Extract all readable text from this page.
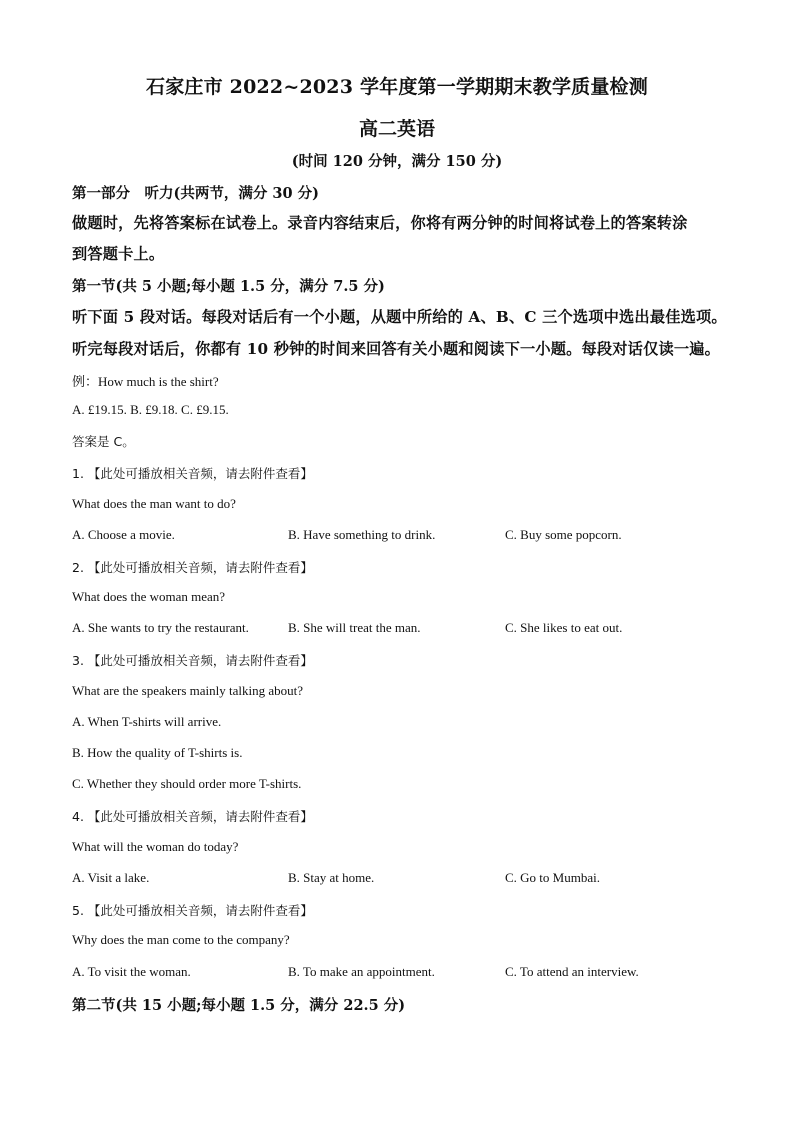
石家庄市 2022~2023 学年度第一学期期末教学质量检测
高二英语
(时间 120 分钟，满分 150 分)
第一部分　听力(共两节，满分 30 分)
做题时，先将答案标在试卷上。录音内容结束后，你将有两分钟的时间将试卷上的答案转涂
到答题卡上。
第一节(共 5 小题;每小题 1.5 分，满分 7.5 分)
听下面 5 段对话。每段对话后有一个小题，从题中所给的 A、B、C 三个选项中选出最佳选项。
听完每段对话后，你都有 10 秒钟的时间来回答有关小题和阅读下一小题。每段对话仅读一遍。
例：How much is the shirt?
A. £19.15. B. £9.18. C. £9.15.
答案是 C。
1. 【此处可播放相关音频，请去附件查看】
What does the man want to do?
A. Choose a movie.	B. Have something to drink.	C. Buy some popcorn.
2. 【此处可播放相关音频，请去附件查看】
What does the woman mean?
A. She wants to try the restaurant.	B. She will treat the man.	C. She likes to eat out.
3. 【此处可播放相关音频，请去附件查看】
What are the speakers mainly talking about?
A. When T-shirts will arrive.
B. How the quality of T-shirts is.
C. Whether they should order more T-shirts.
4. 【此处可播放相关音频，请去附件查看】
What will the woman do today?
A. Visit a lake.	B. Stay at home.	C. Go to Mumbai.
5. 【此处可播放相关音频，请去附件查看】
Why does the man come to the company?
A. To visit the woman.	B. To make an appointment.	C. To attend an interview.
第二节(共 15 小题;每小题 1.5 分，满分 22.5 分)
